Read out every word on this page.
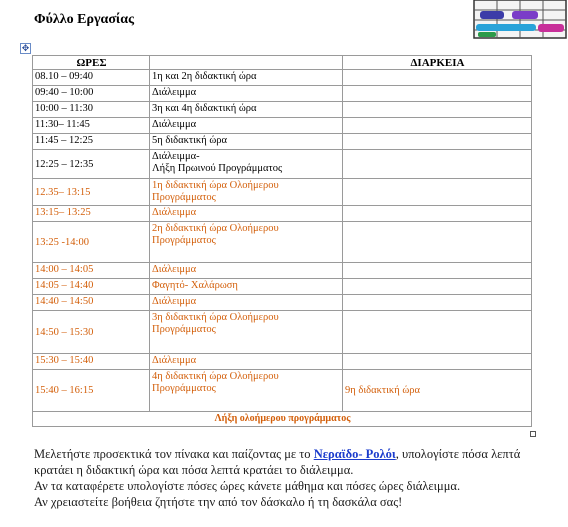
Φύλλο Εργασίας
✥
ΩΡΕΣ		ΔΙΑΡΚΕΙΑ
08.10 – 09:40	1η και 2η διδακτική ώρα	
09:40 – 10:00	Διάλειμμα	
10:00 – 11:30	3η και 4η διδακτική ώρα	
11:30– 11:45	Διάλειμμα	
11:45 – 12:25	5η διδακτική ώρα	
12:25 – 12:35	Διάλειμμα-
Λήξη Πρωινού Προγράμματος	
12.35– 13:15	1η διδακτική ώρα Ολοήμερου
Προγράμματος	
13:15– 13:25	Διάλειμμα	
13:25 -14:00	2η διδακτική ώρα Ολοήμερου
Προγράμματος	
14:00 – 14:05	Διάλειμμα	
14:05 – 14:40	Φαγητό- Χαλάρωση	
14:40 – 14:50	Διάλειμμα	
14:50 – 15:30	3η διδακτική ώρα Ολοήμερου
Προγράμματος	
15:30 – 15:40	Διάλειμμα	
15:40 – 16:15	4η διδακτική ώρα Ολοήμερου
Προγράμματος	9η διδακτική ώρα
Λήξη ολοήμερου προγράμματος		
Μελετήστε προσεκτικά τον πίνακα και παίζοντας με το Νεραϊδο- Ρολόι, υπολογίστε πόσα λεπτά κρατάει η διδακτική ώρα και πόσα λεπτά κρατάει το διάλειμμα.
Αν τα καταφέρετε υπολογίστε πόσες ώρες κάνετε μάθημα και πόσες ώρες διάλειμμα.
Αν χρειαστείτε βοήθεια ζητήστε την από τον δάσκαλο ή τη δασκάλα σας!
